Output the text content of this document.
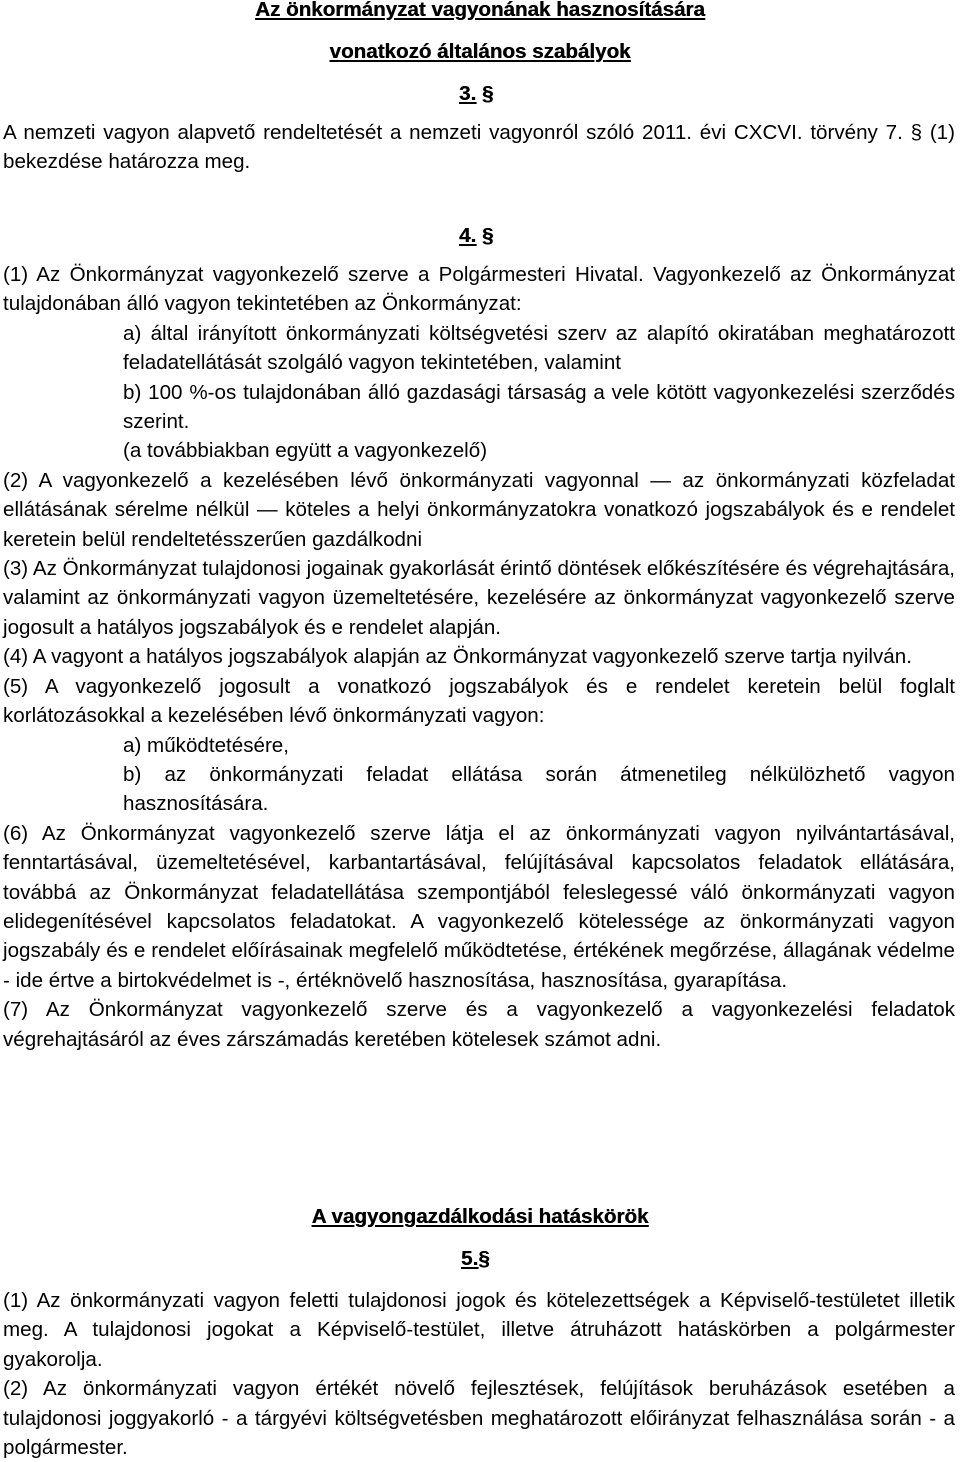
Az önkormányzat vagyonának hasznosítására
vonatkozó általános szabályok
3. §

A nemzeti vagyon alapvető rendeltetését a nemzeti vagyonról szóló 2011. évi CXCVI. törvény 7. § (1) bekezdése határozza meg.

4. §

(1) Az Önkormányzat vagyonkezelő szerve a Polgármesteri Hivatal. Vagyonkezelő az Önkormányzat tulajdonában álló vagyon tekintetében az Önkormányzat:

a) által irányított önkormányzati költségvetési szerv az alapító okiratában meghatározott feladatellátását szolgáló vagyon tekintetében, valamint

b) 100 %-os tulajdonában álló gazdasági társaság a vele kötött vagyonkezelési szerződés szerint.

(a továbbiakban együtt a vagyonkezelő)

(2) A vagyonkezelő a kezelésében lévő önkormányzati vagyonnal ― az önkormányzati közfeladat ellátásának sérelme nélkül ― köteles a helyi önkormányzatokra vonatkozó jogszabályok és e rendelet keretein belül rendeltetésszerűen gazdálkodni

(3) Az Önkormányzat tulajdonosi jogainak gyakorlását érintő döntések előkészítésére és végrehajtására, valamint az önkormányzati vagyon üzemeltetésére, kezelésére az önkormányzat vagyonkezelő szerve jogosult a hatályos jogszabályok és e rendelet alapján.

(4) A vagyont a hatályos jogszabályok alapján az Önkormányzat vagyonkezelő szerve tartja nyilván.

(5) A vagyonkezelő jogosult a vonatkozó jogszabályok és e rendelet keretein belül foglalt korlátozásokkal a kezelésében lévő önkormányzati vagyon:

a) működtetésére,

b) az önkormányzati feladat ellátása során átmenetileg nélkülözhető vagyon hasznosítására.

(6) Az Önkormányzat vagyonkezelő szerve látja el az önkormányzati vagyon nyilvántartásával, fenntartásával, üzemeltetésével, karbantartásával, felújításával kapcsolatos feladatok ellátására, továbbá az Önkormányzat feladatellátása szempontjából feleslegessé váló önkormányzati vagyon elidegenítésével kapcsolatos feladatokat. A vagyonkezelő kötelessége az önkormányzati vagyon jogszabály és e rendelet előírásainak megfelelő működtetése, értékének megőrzése, állagának védelme - ide értve a birtokvédelmet is -, értéknövelő hasznosítása, hasznosítása, gyarapítása.

(7) Az Önkormányzat vagyonkezelő szerve és a vagyonkezelő a vagyonkezelési feladatok végrehajtásáról az éves zárszámadás keretében kötelesek számot adni.

A vagyongazdálkodási hatáskörök
5.§

(1) Az önkormányzati vagyon feletti tulajdonosi jogok és kötelezettségek a Képviselő-testületet illetik meg. A tulajdonosi jogokat a Képviselő-testület, illetve átruházott hatáskörben a polgármester gyakorolja.

(2) Az önkormányzati vagyon értékét növelő fejlesztések, felújítások beruházások esetében a tulajdonosi joggyakorló - a tárgyévi költségvetésben meghatározott előirányzat felhasználása során - a polgármester.
